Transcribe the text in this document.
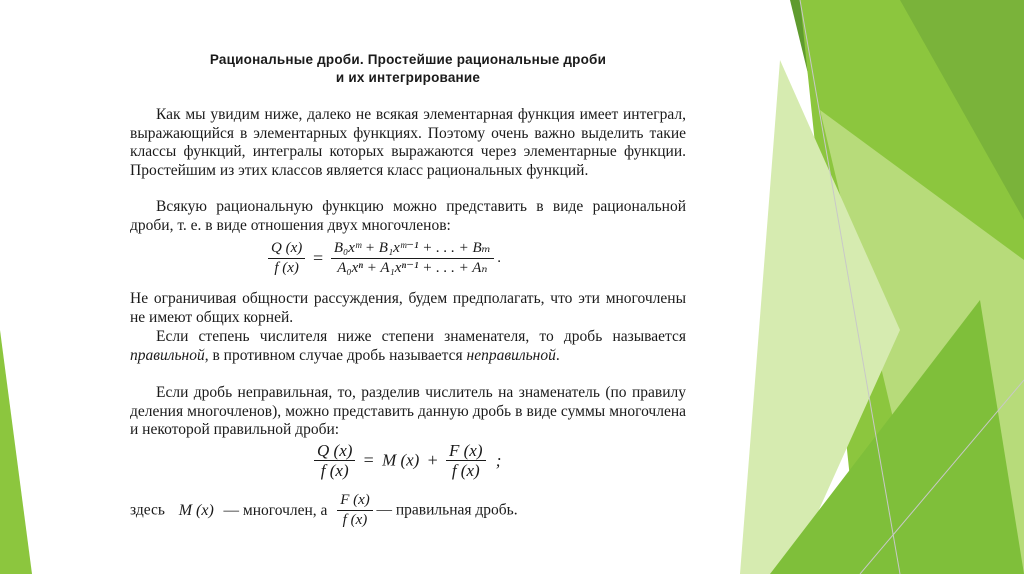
Рациональные дроби. Простейшие рациональные дроби
и их интегрирование

Как мы увидим ниже, далеко не всякая элементарная функция имеет интеграл, выражающийся в элементарных функциях. Поэтому очень важно выделить такие классы функций, интегралы которых выражаются через элементарные функции. Простейшим из этих классов является класс рациональных функций.

Всякую рациональную функцию можно представить в виде рациональной дроби, т. е. в виде отношения двух многочленов:

$\frac{Q (x)}{f (x)} = \frac{\text{B₀xᵐ + B₁xᵐ⁻¹ + . . . + Bₘ}}{\text{A₀xⁿ + A₁xⁿ⁻¹ + . . . + Aₙ}}$ .

Не ограничивая общности рассуждения, будем предполагать, что эти многочлены не имеют общих корней.

Если степень числителя ниже степени знаменателя, то дробь называется правильной, в противном случае дробь называется неправильной.

Если дробь неправильная, то, разделив числитель на знаменатель (по правилу деления многочленов), можно представить данную дробь в виде суммы многочлена и некоторой правильной дроби:

$\frac{Q (x)}{f (x)} = M$ $(x) + \frac{F (x)}{f (x)}$ ;
здесь M (x) — многочлен, а $\frac{F (x)}{f (x)}$ — правильная дробь.
